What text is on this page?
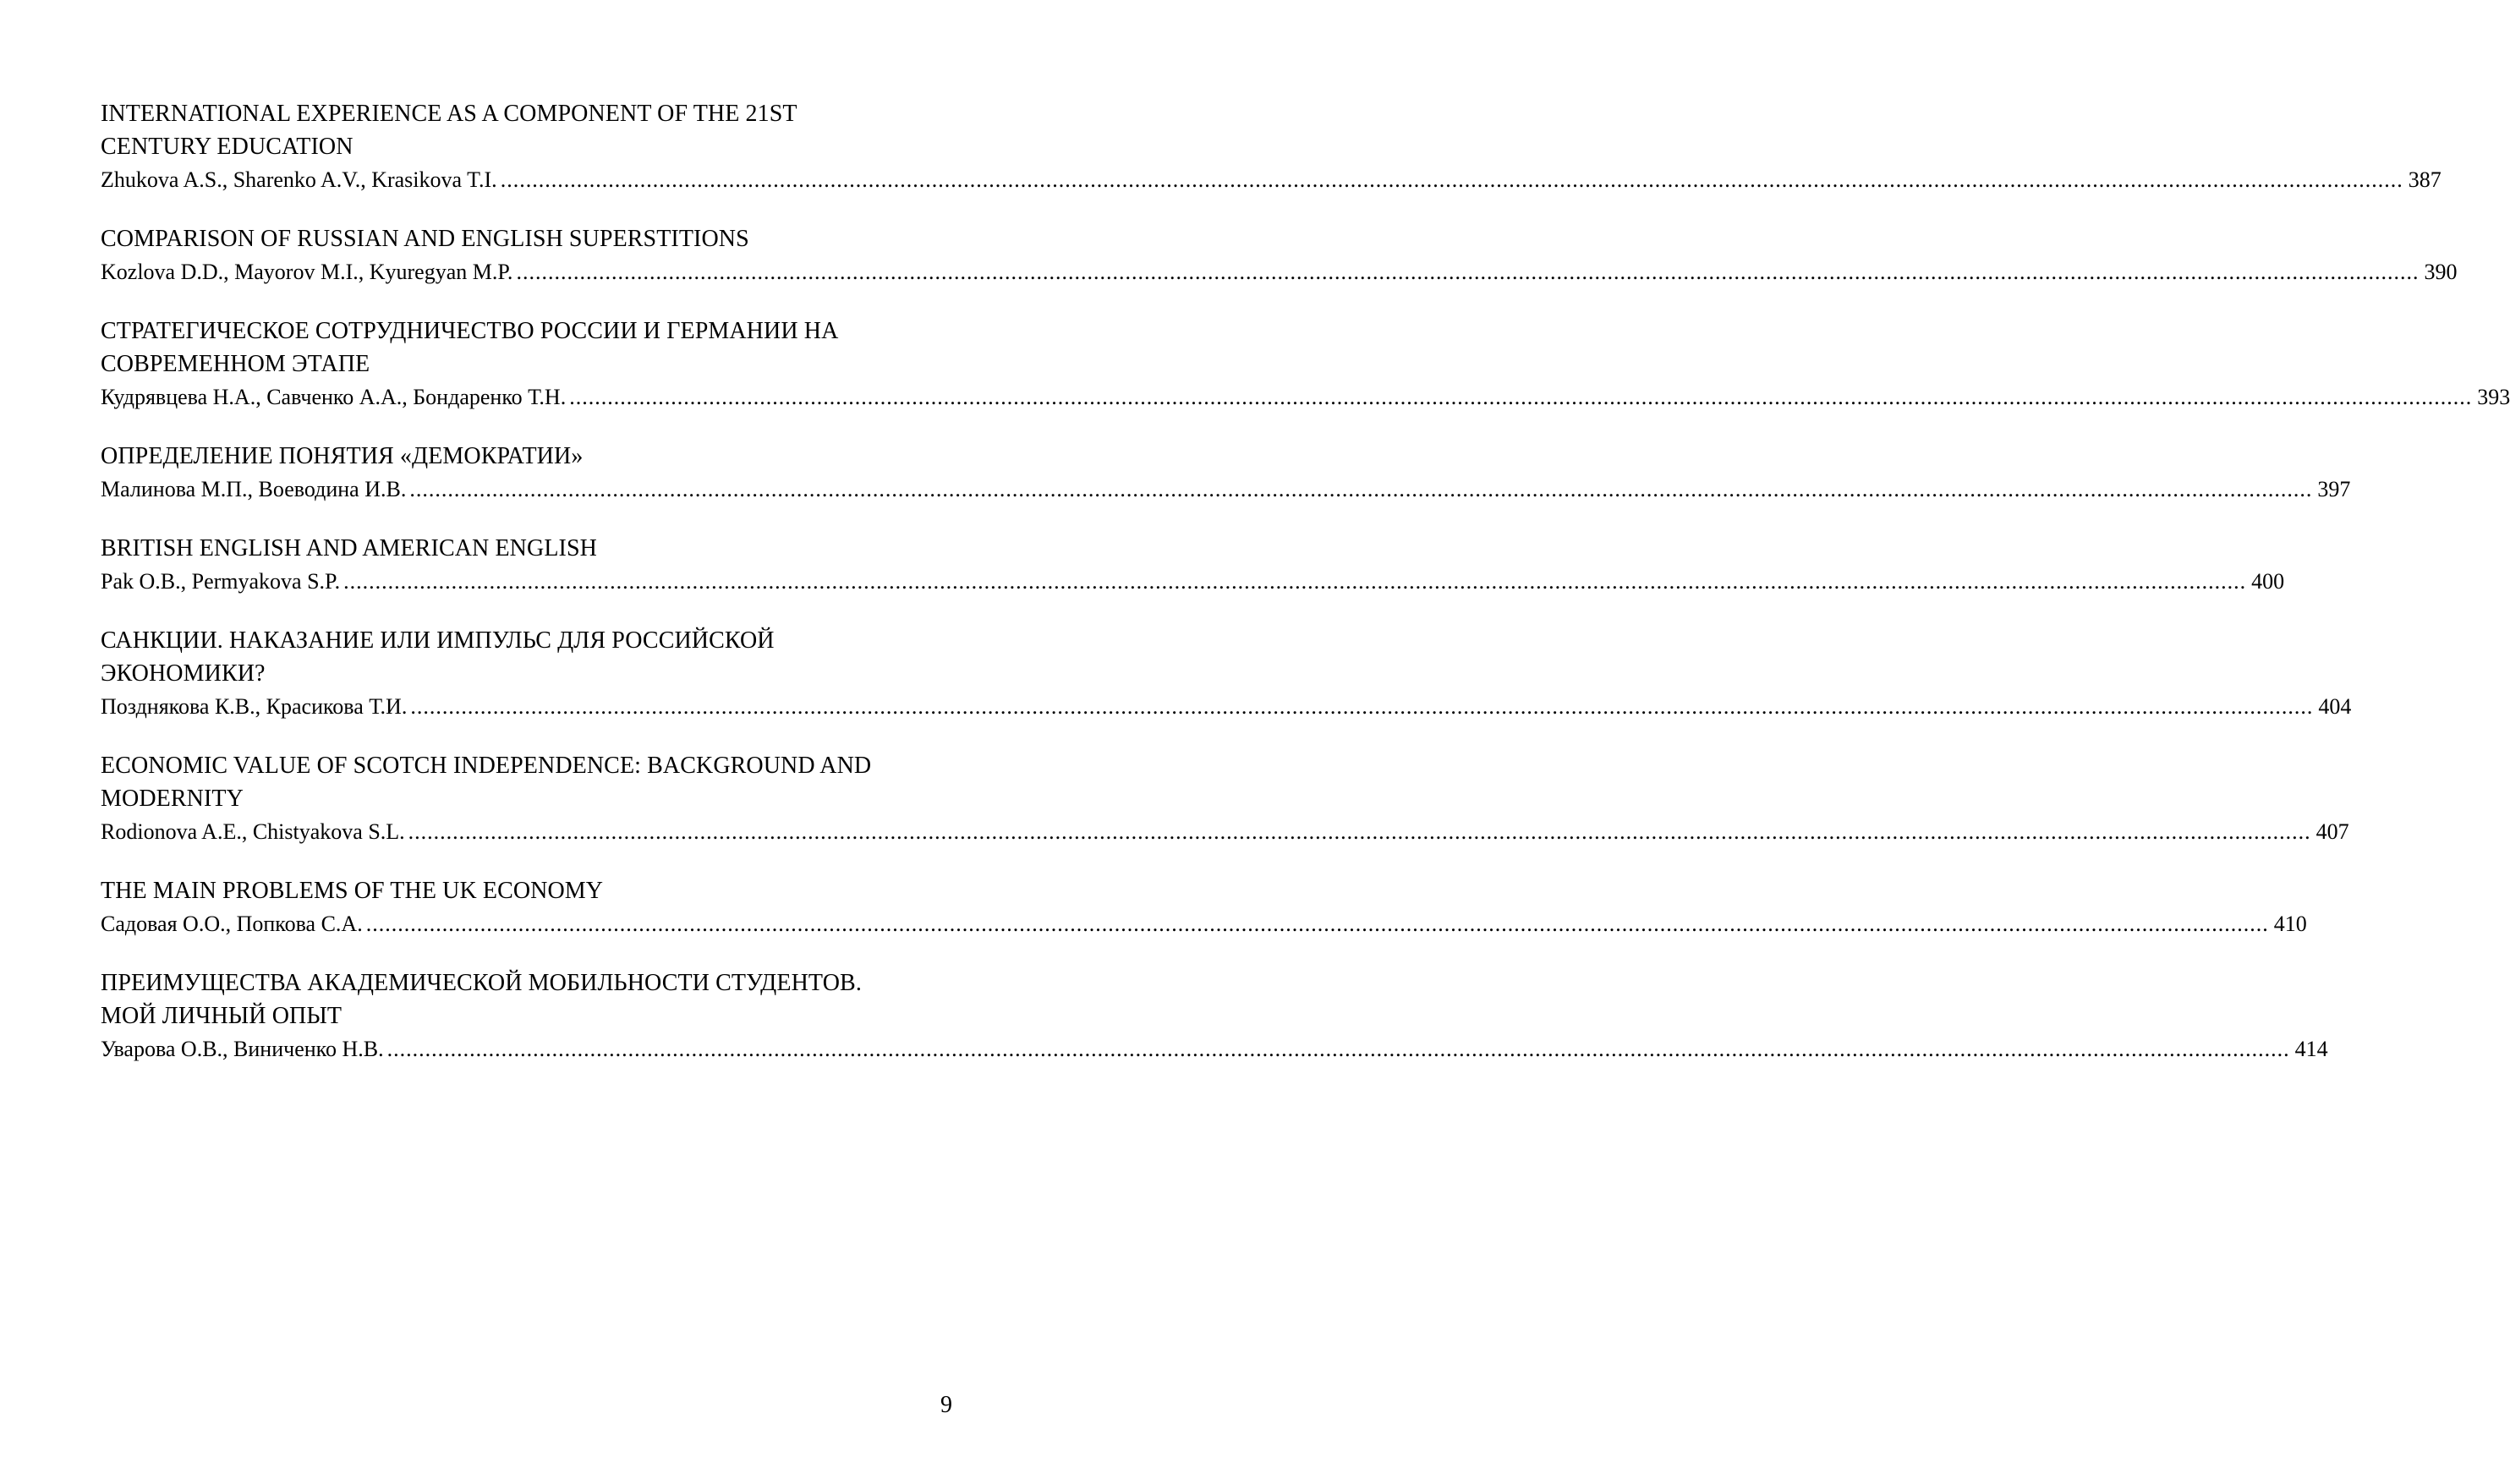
INTERNATIONAL EXPERIENCE AS A COMPONENT OF THE 21ST
CENTURY EDUCATION
Zhukova A.S., Sharenko A.V., Krasikova T.I. ............................................................................................................................................................................................................................................................................................................ 387
COMPARISON OF RUSSIAN AND ENGLISH SUPERSTITIONS
Kozlova D.D., Mayorov M.I., Kyuregyan M.P. ............................................................................................................................................................................................................................................................................................................ 390
СТРАТЕГИЧЕСКОЕ СОТРУДНИЧЕСТВО РОССИИ И ГЕРМАНИИ НА
СОВРЕМЕННОМ ЭТАПЕ
Кудрявцева Н.А., Савченко А.А., Бондаренко Т.Н. ............................................................................................................................................................................................................................................................................................................ 393
ОПРЕДЕЛЕНИЕ ПОНЯТИЯ «ДЕМОКРАТИИ»
Малинова М.П., Воеводина И.В. ............................................................................................................................................................................................................................................................................................................ 397
BRITISH ENGLISH AND AMERICAN ENGLISH
Pak O.B., Permyakova S.P. ............................................................................................................................................................................................................................................................................................................ 400
САНКЦИИ. НАКАЗАНИЕ ИЛИ ИМПУЛЬС ДЛЯ РОССИЙСКОЙ
ЭКОНОМИКИ?
Позднякова К.В., Красикова Т.И. ............................................................................................................................................................................................................................................................................................................ 404
ECONOMIC VALUE OF SCOTCH INDEPENDENCE: BACKGROUND AND
MODERNITY
Rodionova A.E., Chistyakova S.L. ............................................................................................................................................................................................................................................................................................................ 407
THE MAIN PROBLEMS OF THE UK ECONOMY
Садовая О.О., Попкова С.А. ............................................................................................................................................................................................................................................................................................................ 410
ПРЕИМУЩЕСТВА АКАДЕМИЧЕСКОЙ МОБИЛЬНОСТИ СТУДЕНТОВ.
МОЙ ЛИЧНЫЙ ОПЫТ
Уварова О.В., Виниченко Н.В. ............................................................................................................................................................................................................................................................................................................ 414
9
